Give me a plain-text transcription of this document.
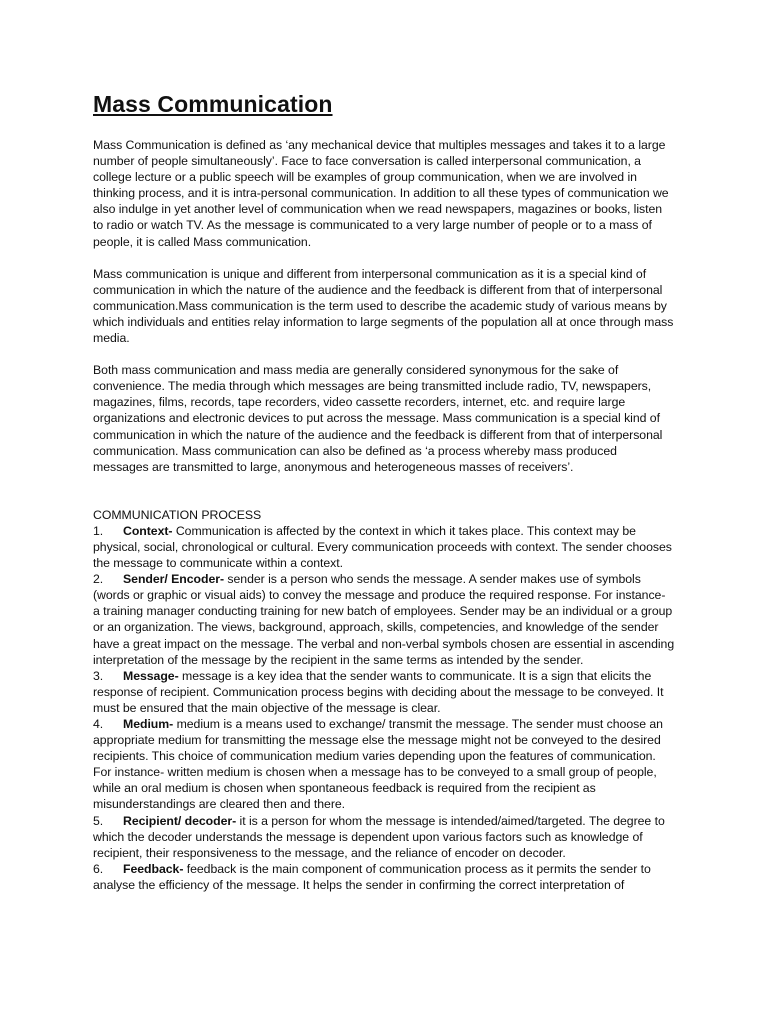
Mass Communication

Mass Communication is defined as ‘any mechanical device that multiples messages and takes it to a large number of people simultaneously’. Face to face conversation is called interpersonal communication, a college lecture or a public speech will be examples of group communication, when we are involved in thinking process, and it is intra-personal communication. In addition to all these types of communication we also indulge in yet another level of communication when we read newspapers, magazines or books, listen to radio or watch TV. As the message is communicated to a very large number of people or to a mass of people, it is called Mass communication.

Mass communication is unique and different from interpersonal communication as it is a special kind of communication in which the nature of the audience and the feedback is different from that of interpersonal communication.Mass communication is the term used to describe the academic study of various means by which individuals and entities relay information to large segments of the population all at once through mass media.

Both mass communication and mass media are generally considered synonymous for the sake of convenience. The media through which messages are being transmitted include radio, TV, newspapers, magazines, films, records, tape recorders, video cassette recorders, internet, etc. and require large organizations and electronic devices to put across the message. Mass communication is a special kind of communication in which the nature of the audience and the feedback is different from that of interpersonal communication. Mass communication can also be defined as ‘a process whereby mass produced messages are transmitted to large, anonymous and heterogeneous masses of receivers’.

COMMUNICATION PROCESS

1. Context- Communication is affected by the context in which it takes place. This context may be physical, social, chronological or cultural. Every communication proceeds with context. The sender chooses the message to communicate within a context.
2. Sender/ Encoder- sender is a person who sends the message. A sender makes use of symbols (words or graphic or visual aids) to convey the message and produce the required response. For instance- a training manager conducting training for new batch of employees. Sender may be an individual or a group or an organization. The views, background, approach, skills, competencies, and knowledge of the sender have a great impact on the message. The verbal and non-verbal symbols chosen are essential in ascending interpretation of the message by the recipient in the same terms as intended by the sender.
3. Message- message is a key idea that the sender wants to communicate. It is a sign that elicits the response of recipient. Communication process begins with deciding about the message to be conveyed. It must be ensured that the main objective of the message is clear.
4. Medium- medium is a means used to exchange/ transmit the message. The sender must choose an appropriate medium for transmitting the message else the message might not be conveyed to the desired recipients. This choice of communication medium varies depending upon the features of communication. For instance- written medium is chosen when a message has to be conveyed to a small group of people, while an oral medium is chosen when spontaneous feedback is required from the recipient as misunderstandings are cleared then and there.
5. Recipient/ decoder- it is a person for whom the message is intended/aimed/targeted. The degree to which the decoder understands the message is dependent upon various factors such as knowledge of recipient, their responsiveness to the message, and the reliance of encoder on decoder.
6. Feedback- feedback is the main component of communication process as it permits the sender to analyse the efficiency of the message. It helps the sender in confirming the correct interpretation of
